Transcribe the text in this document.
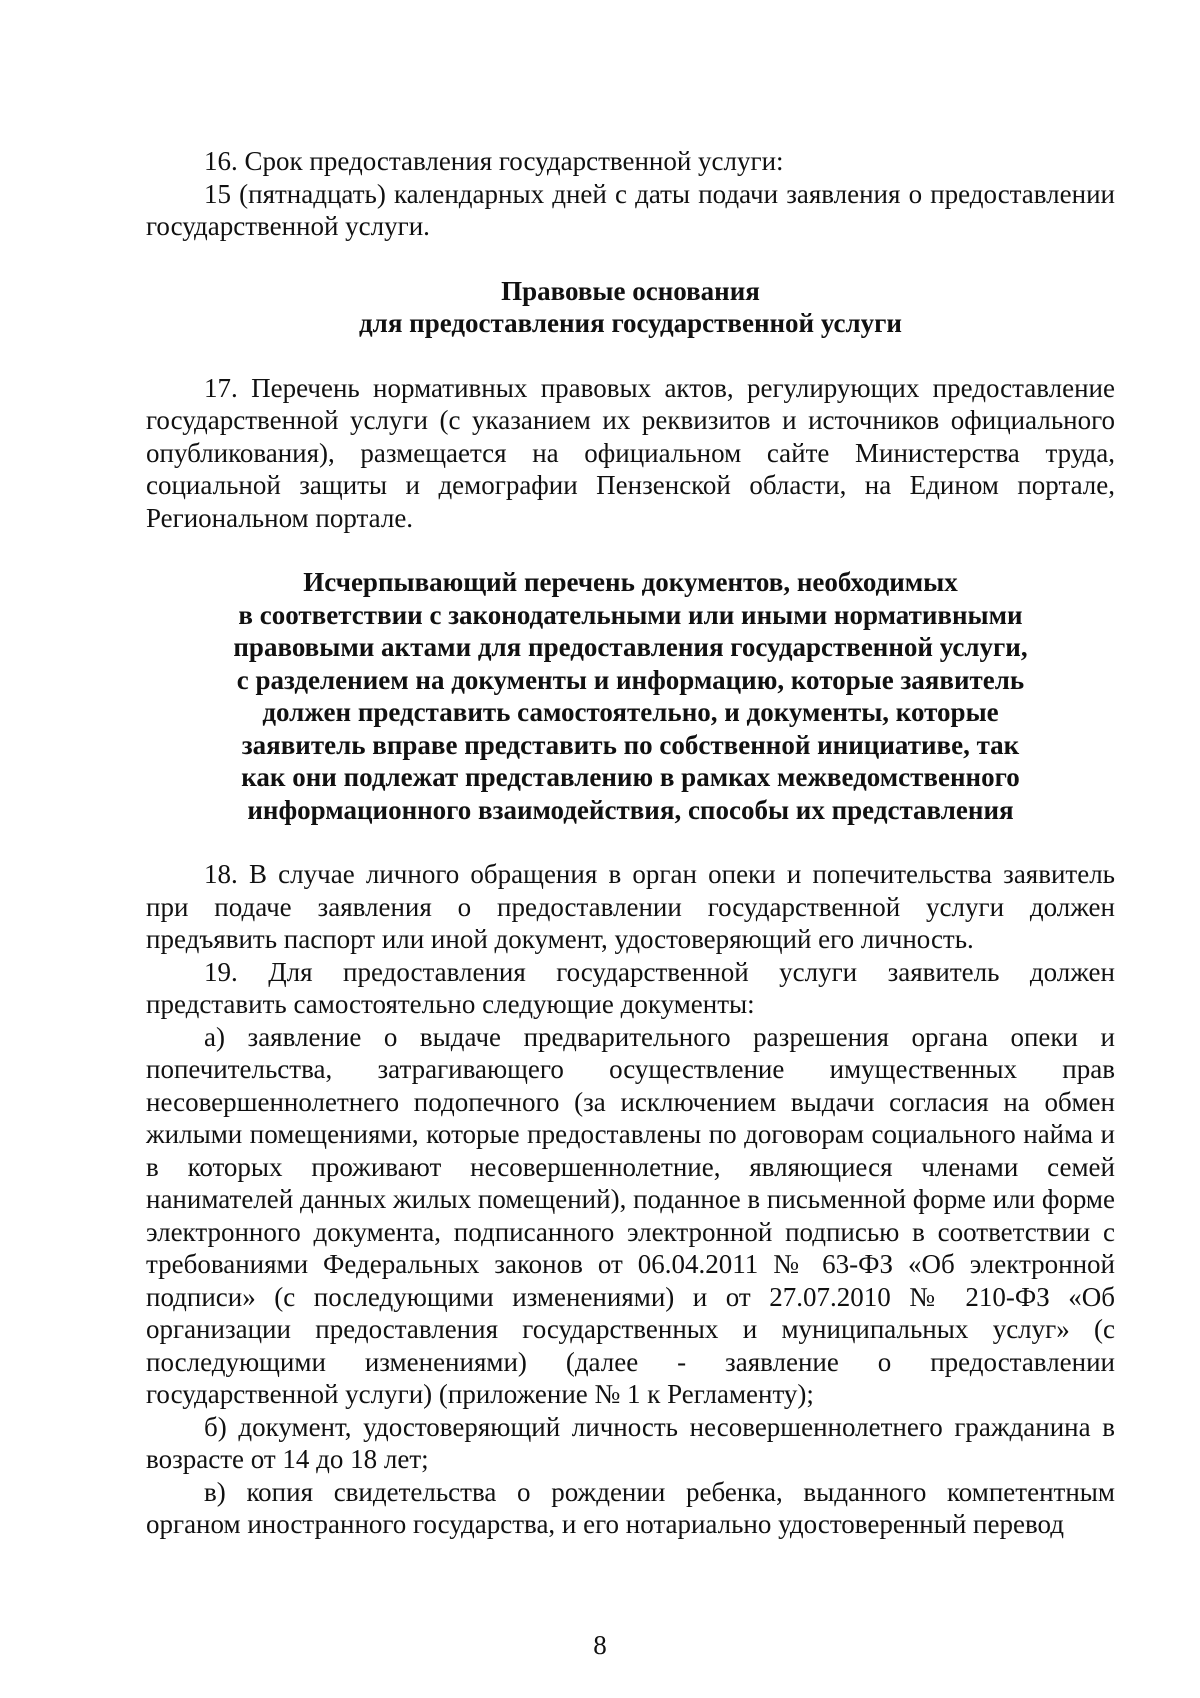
16. Срок предоставления государственной услуги:

15 (пятнадцать) календарных дней с даты подачи заявления о предоставлении государственной услуги.

Правовые основания
для предоставления государственной услуги

17. Перечень нормативных правовых актов, регулирующих предоставление государственной услуги (с указанием их реквизитов и источников официального опубликования), размещается на официальном сайте Министерства труда, социальной защиты и демографии Пензенской области, на Едином портале, Региональном портале.

Исчерпывающий перечень документов, необходимых
в соответствии с законодательными или иными нормативными
правовыми актами для предоставления государственной услуги,
с разделением на документы и информацию, которые заявитель
должен представить самостоятельно, и документы, которые
заявитель вправе представить по собственной инициативе, так
как они подлежат представлению в рамках межведомственного
информационного взаимодействия, способы их представления

18. В случае личного обращения в орган опеки и попечительства заявитель при подаче заявления о предоставлении государственной услуги должен предъявить паспорт или иной документ, удостоверяющий его личность.

19. Для предоставления государственной услуги заявитель должен представить самостоятельно следующие документы:

а) заявление о выдаче предварительного разрешения органа опеки и попечительства, затрагивающего осуществление имущественных прав несовершеннолетнего подопечного (за исключением выдачи согласия на обмен жилыми помещениями, которые предоставлены по договорам социального найма и в которых проживают несовершеннолетние, являющиеся членами семей нанимателей данных жилых помещений), поданное в письменной форме или форме электронного документа, подписанного электронной подписью в соответствии с требованиями Федеральных законов от 06.04.2011 № 63-ФЗ «Об электронной подписи» (с последующими изменениями) и от 27.07.2010 № 210-ФЗ «Об организации предоставления государственных и муниципальных услуг» (с последующими изменениями) (далее - заявление о предоставлении государственной услуги) (приложение № 1 к Регламенту);

б) документ, удостоверяющий личность несовершеннолетнего гражданина в возрасте от 14 до 18 лет;

в) копия свидетельства о рождении ребенка, выданного компетентным органом иностранного государства, и его нотариально удостоверенный перевод

8
